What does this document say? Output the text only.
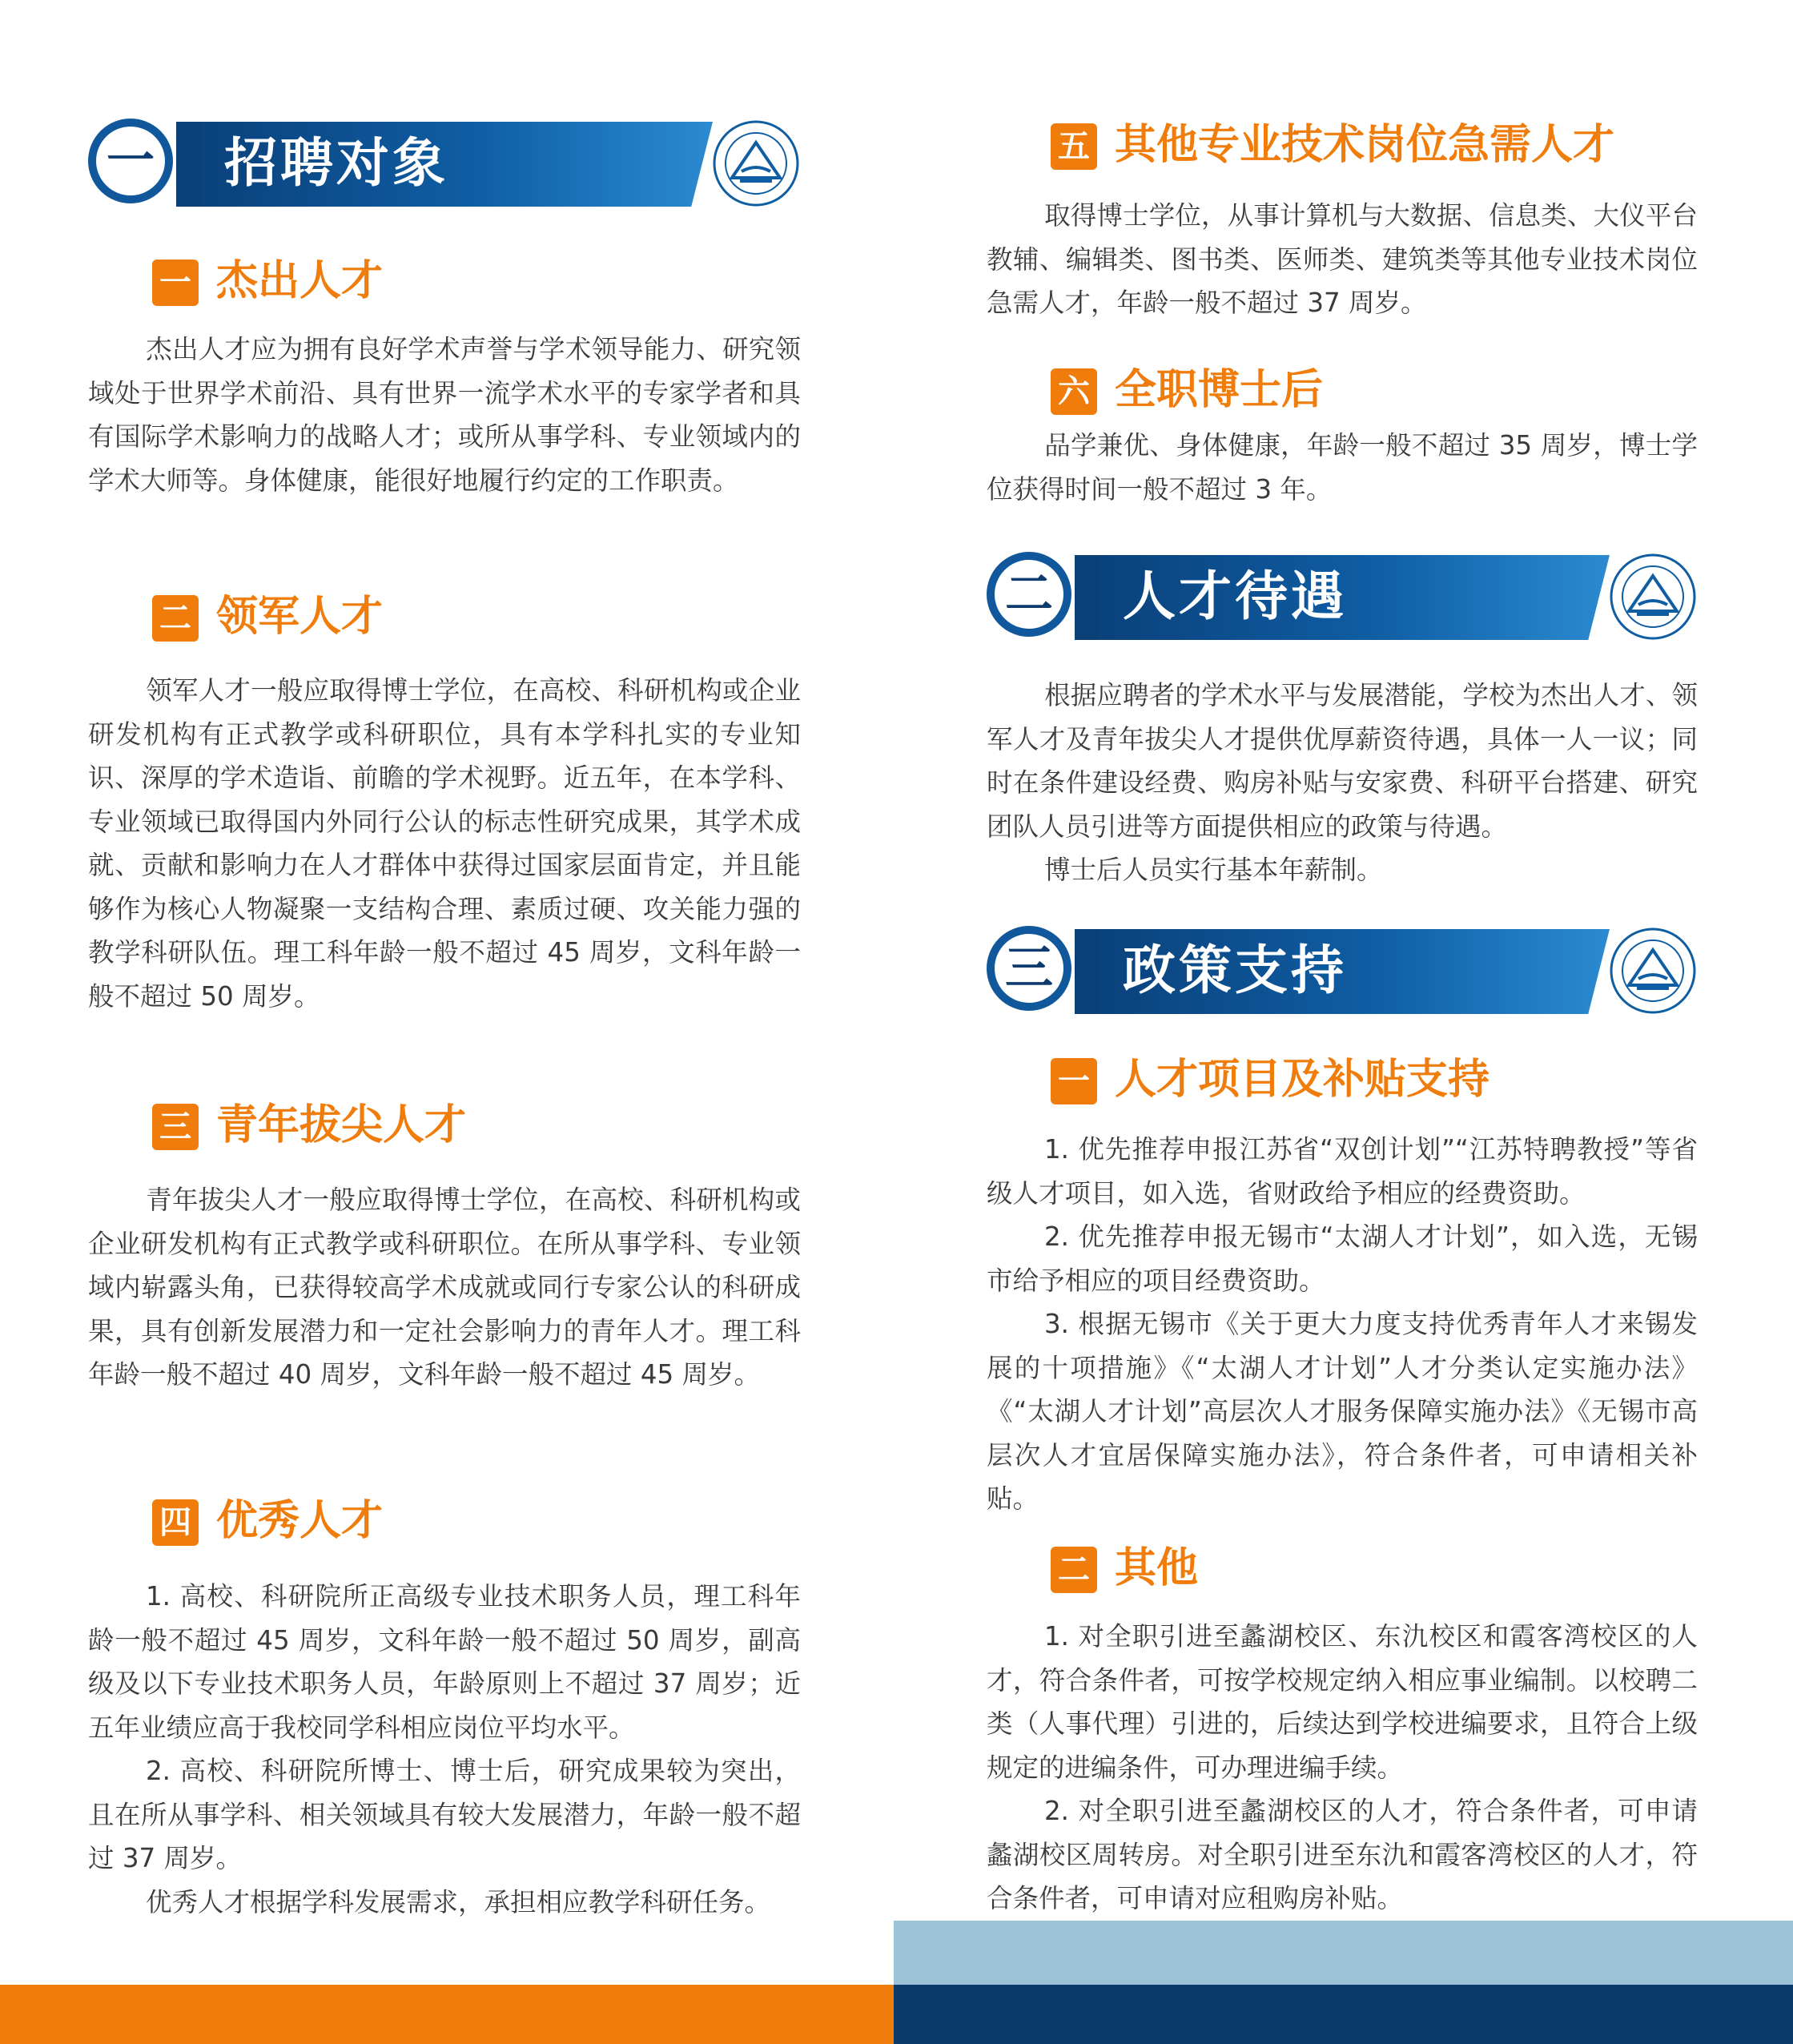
一	招聘对象
一 杰出人才
杰出人才应为拥有良好学术声誉与学术领导能力、研究领域处于世界学术前沿、具有世界一流学术水平的专家学者和具有国际学术影响力的战略人才；或所从事学科、专业领域内的学术大师等。身体健康，能很好地履行约定的工作职责。
二 领军人才
领军人才一般应取得博士学位，在高校、科研机构或企业研发机构有正式教学或科研职位，具有本学科扎实的专业知识、深厚的学术造诣、前瞻的学术视野。近五年，在本学科、专业领域已取得国内外同行公认的标志性研究成果，其学术成就、贡献和影响力在人才群体中获得过国家层面肯定，并且能够作为核心人物凝聚一支结构合理、素质过硬、攻关能力强的教学科研队伍。理工科年龄一般不超过 45 周岁，文科年龄一般不超过 50 周岁。
三 青年拔尖人才
青年拔尖人才一般应取得博士学位，在高校、科研机构或企业研发机构有正式教学或科研职位。在所从事学科、专业领域内崭露头角，已获得较高学术成就或同行专家公认的科研成果，具有创新发展潜力和一定社会影响力的青年人才。理工科年龄一般不超过 40 周岁，文科年龄一般不超过 45 周岁。
四 优秀人才
1. 高校、科研院所正高级专业技术职务人员，理工科年龄一般不超过 45 周岁，文科年龄一般不超过 50 周岁，副高级及以下专业技术职务人员，年龄原则上不超过 37 周岁；近五年业绩应高于我校同学科相应岗位平均水平。
2. 高校、科研院所博士、博士后，研究成果较为突出，且在所从事学科、相关领域具有较大发展潜力，年龄一般不超过 37 周岁。
优秀人才根据学科发展需求，承担相应教学科研任务。
五 其他专业技术岗位急需人才
取得博士学位，从事计算机与大数据、信息类、大仪平台教辅、编辑类、图书类、医师类、建筑类等其他专业技术岗位急需人才，年龄一般不超过 37 周岁。
六 全职博士后
品学兼优、身体健康，年龄一般不超过 35 周岁，博士学位获得时间一般不超过 3 年。
二	人才待遇
根据应聘者的学术水平与发展潜能，学校为杰出人才、领军人才及青年拔尖人才提供优厚薪资待遇，具体一人一议；同时在条件建设经费、购房补贴与安家费、科研平台搭建、研究团队人员引进等方面提供相应的政策与待遇。
博士后人员实行基本年薪制。
三	政策支持
一 人才项目及补贴支持
1. 优先推荐申报江苏省“双创计划”“江苏特聘教授”等省级人才项目，如入选，省财政给予相应的经费资助。
2. 优先推荐申报无锡市“太湖人才计划”，如入选，无锡市给予相应的项目经费资助。
3. 根据无锡市《关于更大力度支持优秀青年人才来锡发展的十项措施》《“太湖人才计划”人才分类认定实施办法》《“太湖人才计划”高层次人才服务保障实施办法》《无锡市高层次人才宜居保障实施办法》，符合条件者，可申请相关补贴。
二 其他
1. 对全职引进至蠡湖校区、东氿校区和霞客湾校区的人才，符合条件者，可按学校规定纳入相应事业编制。以校聘二类（人事代理）引进的，后续达到学校进编要求，且符合上级规定的进编条件，可办理进编手续。
2. 对全职引进至蠡湖校区的人才，符合条件者，可申请蠡湖校区周转房。对全职引进至东氿和霞客湾校区的人才，符合条件者，可申请对应租购房补贴。
